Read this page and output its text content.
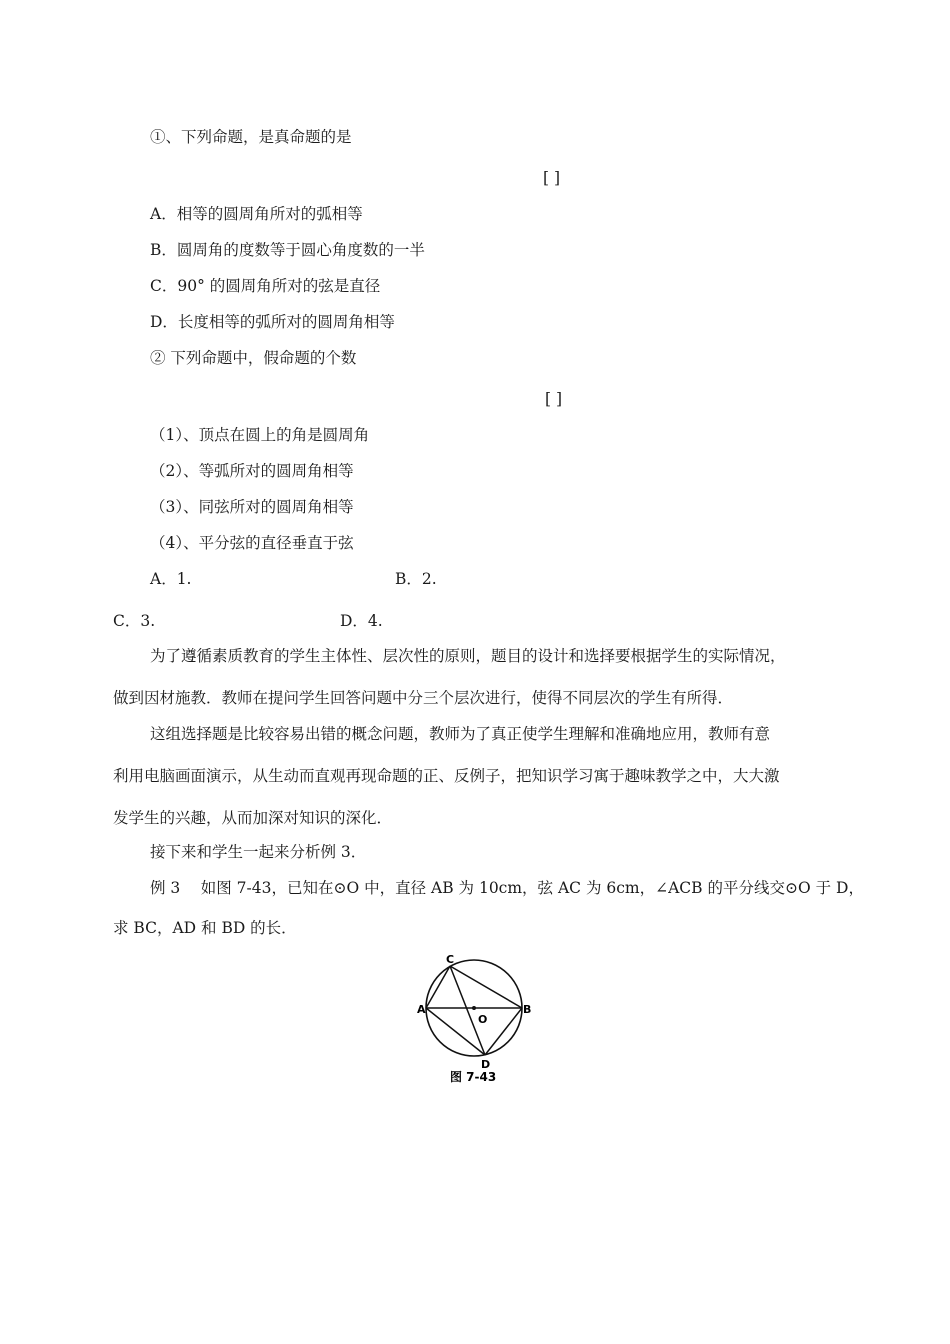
①、下列命题，是真命题的是
[ ]
A．相等的圆周角所对的弧相等
B．圆周角的度数等于圆心角度数的一半
C．90° 的圆周角所对的弦是直径
D．长度相等的弧所对的圆周角相等
② 下列命题中，假命题的个数
[ ]
（1）、顶点在圆上的角是圆周角
（2）、等弧所对的圆周角相等
（3）、同弦所对的圆周角相等
（4）、平分弦的直径垂直于弦
A．1.	B．2.
C．3.	D．4.
为了遵循素质教育的学生主体性、层次性的原则，题目的设计和选择要根据学生的实际情况，
做到因材施教．教师在提问学生回答问题中分三个层次进行，使得不同层次的学生有所得．
这组选择题是比较容易出错的概念问题，教师为了真正使学生理解和准确地应用，教师有意
利用电脑画面演示，从生动而直观再现命题的正、反例子，把知识学习寓于趣味教学之中，大大激
发学生的兴趣，从而加深对知识的深化．
接下来和学生一起来分析例 3．
例 3　 如图 7-43，已知在⊙O 中，直径 AB 为 10cm，弦 AC 为 6cm，∠ACB 的平分线交⊙O 于 D，
求 BC，AD 和 BD 的长．
C
A	B
O
D
图 7-43
